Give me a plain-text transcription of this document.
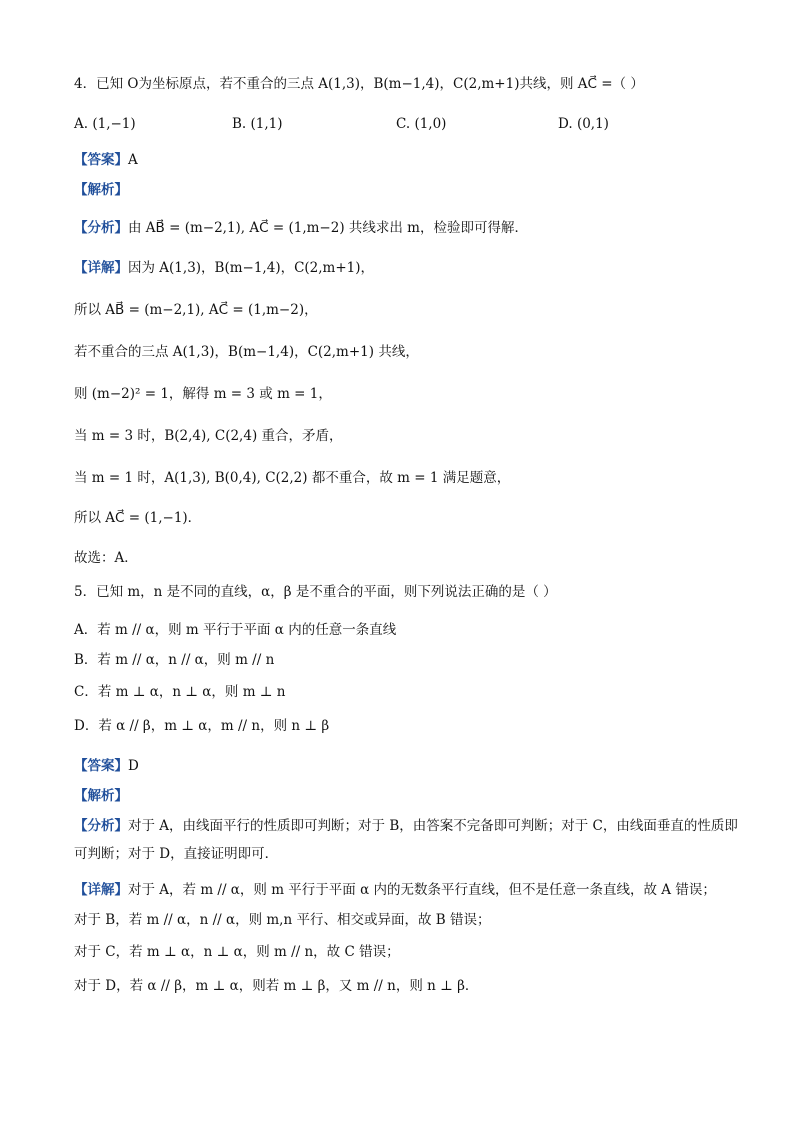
4．已知 O为坐标原点，若不重合的三点 A(1,3)，B(m−1,4)，C(2,m+1)共线，则 AC⃗ =（ ）
A. (1,−1)	B. (1,1)	C. (1,0)	D. (0,1)
【答案】A
【解析】
【分析】由 AB⃗ = (m−2,1), AC⃗ = (1,m−2) 共线求出 m，检验即可得解．
【详解】因为 A(1,3)，B(m−1,4)，C(2,m+1)，
所以 AB⃗ = (m−2,1), AC⃗ = (1,m−2)，
若不重合的三点 A(1,3)，B(m−1,4)，C(2,m+1) 共线，
则 (m−2)² = 1，解得 m = 3 或 m = 1，
当 m = 3 时，B(2,4), C(2,4) 重合，矛盾，
当 m = 1 时，A(1,3), B(0,4), C(2,2) 都不重合，故 m = 1 满足题意，
所以 AC⃗ = (1,−1)．
故选：A．
5．已知 m，n 是不同的直线，α，β 是不重合的平面，则下列说法正确的是（ ）
A．若 m // α，则 m 平行于平面 α 内的任意一条直线
B．若 m // α，n // α，则 m // n
C．若 m ⊥ α，n ⊥ α，则 m ⊥ n
D．若 α // β，m ⊥ α，m // n，则 n ⊥ β
【答案】D
【解析】
【分析】对于 A，由线面平行的性质即可判断；对于 B，由答案不完备即可判断；对于 C，由线面垂直的性质即可判断；对于 D，直接证明即可．
【详解】对于 A，若 m // α，则 m 平行于平面 α 内的无数条平行直线，但不是任意一条直线，故 A 错误；
对于 B，若 m // α，n // α，则 m,n 平行、相交或异面，故 B 错误；
对于 C，若 m ⊥ α，n ⊥ α，则 m // n，故 C 错误；
对于 D，若 α // β，m ⊥ α，则若 m ⊥ β，又 m // n，则 n ⊥ β．
